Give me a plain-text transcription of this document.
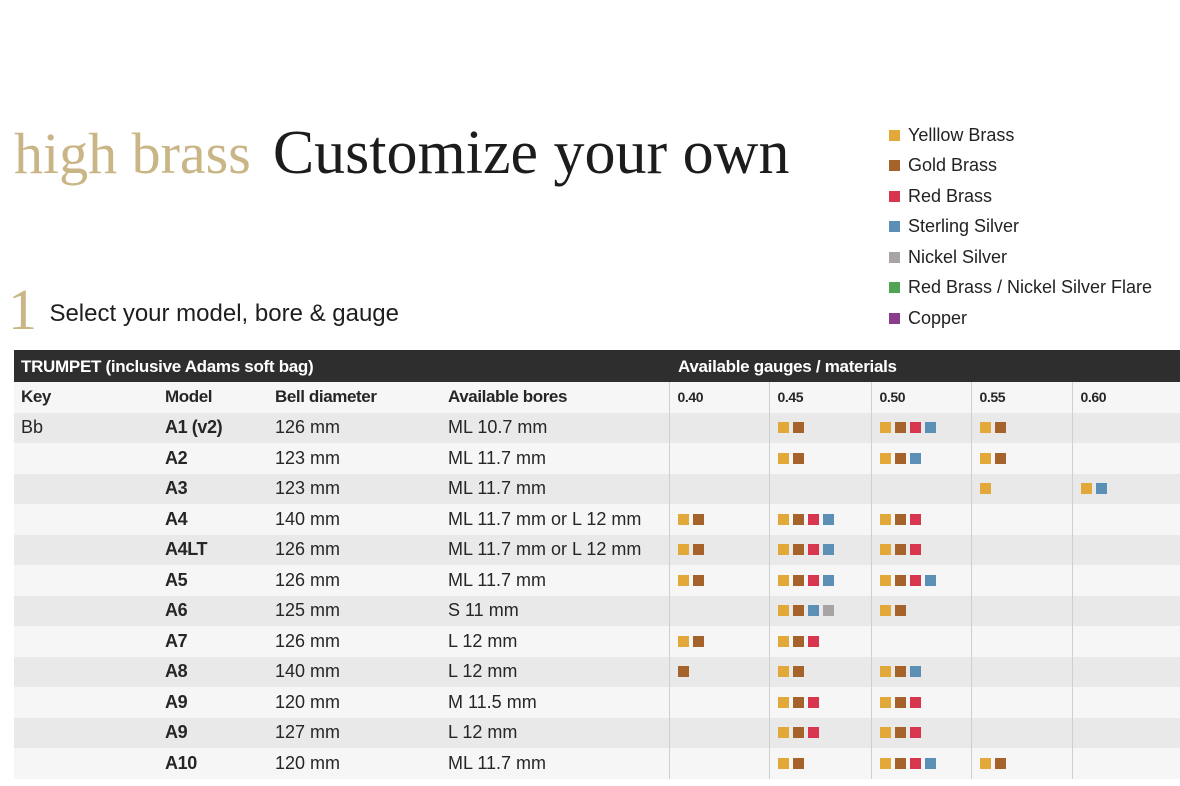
high brass Customize your own
1 Select your model, bore & gauge
Yelllow Brass
Gold Brass
Red Brass
Sterling Silver
Nickel Silver
Red Brass / Nickel Silver Flare
Copper
TRUMPET (inclusive Adams soft bag)	Available gauges / materials
Key	Model	Bell diameter	Available bores	0.40	0.45	0.50	0.55	0.60
Bb	A1 (v2)	126 mm	ML 10.7 mm		

	A2	123 mm	ML 11.7 mm		

	A3	123 mm	ML 11.7 mm				

	A4	140 mm	ML 11.7 mm or L 12 mm	

	A4LT	126 mm	ML 11.7 mm or L 12 mm	

	A5	126 mm	ML 11.7 mm	

	A6	125 mm	S 11 mm		

	A7	126 mm	L 12 mm	

	A8	140 mm	L 12 mm	

	A9	120 mm	M 11.5 mm		

	A9	127 mm	L 12 mm		

	A10	120 mm	ML 11.7 mm		
